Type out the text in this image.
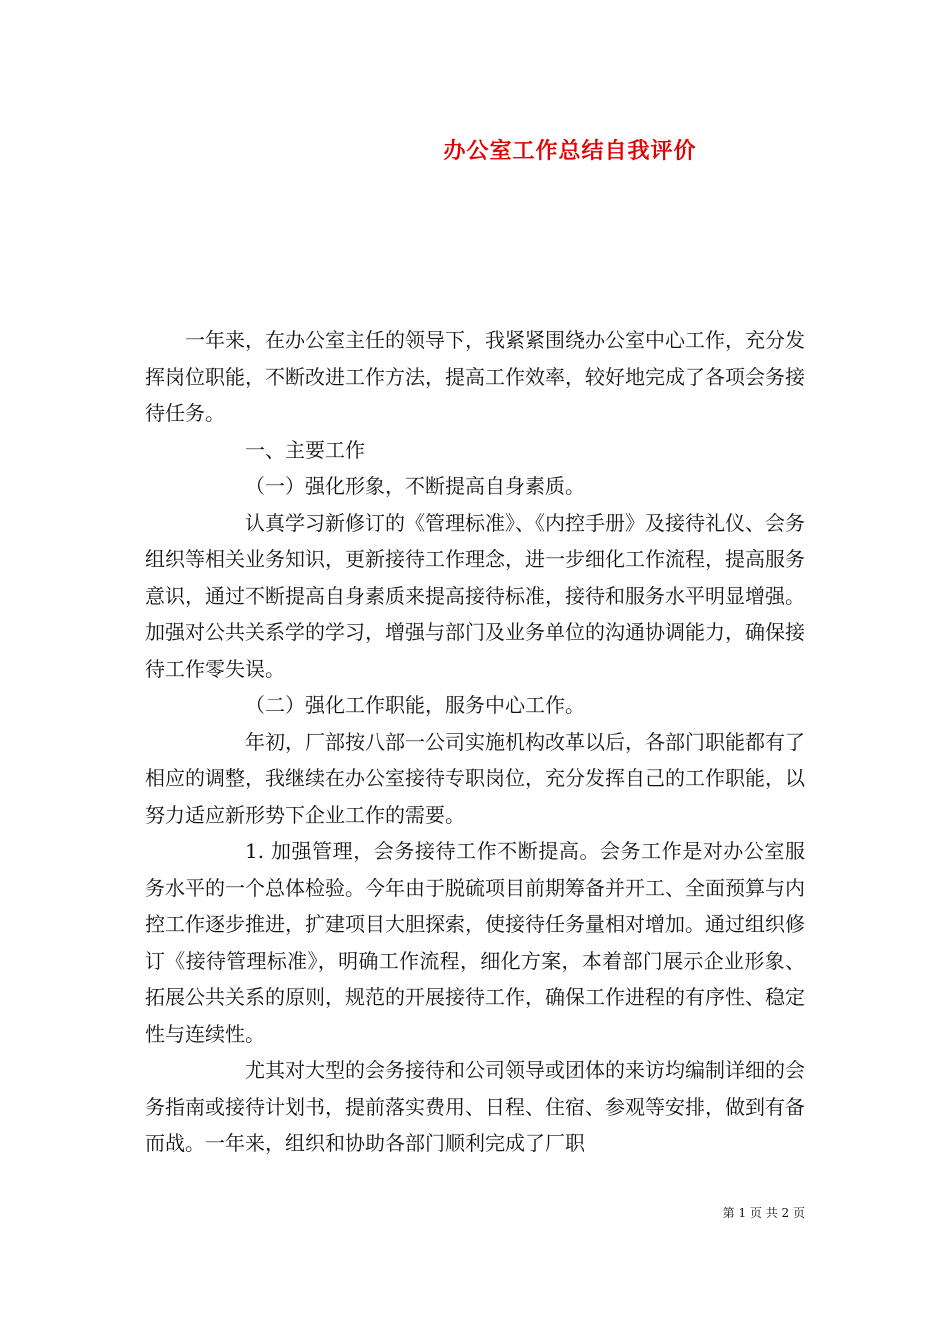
办公室工作总结自我评价

一年来，在办公室主任的领导下，我紧紧围绕办公室中心工作，充分发挥岗位职能，不断改进工作方法，提高工作效率，较好地完成了各项会务接待任务。

一、主要工作

（一）强化形象，不断提高自身素质。

认真学习新修订的《管理标准》、《内控手册》及接待礼仪、会务组织等相关业务知识，更新接待工作理念，进一步细化工作流程，提高服务意识，通过不断提高自身素质来提高接待标准，接待和服务水平明显增强。加强对公共关系学的学习，增强与部门及业务单位的沟通协调能力，确保接待工作零失误。

（二）强化工作职能，服务中心工作。

年初，厂部按八部一公司实施机构改革以后，各部门职能都有了相应的调整，我继续在办公室接待专职岗位，充分发挥自己的工作职能，以努力适应新形势下企业工作的需要。

1. 加强管理，会务接待工作不断提高。会务工作是对办公室服务水平的一个总体检验。今年由于脱硫项目前期筹备并开工、全面预算与内控工作逐步推进，扩建项目大胆探索，使接待任务量相对增加。通过组织修订《接待管理标准》，明确工作流程，细化方案，本着部门展示企业形象、拓展公共关系的原则，规范的开展接待工作，确保工作进程的有序性、稳定性与连续性。

尤其对大型的会务接待和公司领导或团体的来访均编制详细的会务指南或接待计划书，提前落实费用、日程、住宿、参观等安排，做到有备而战。一年来，组织和协助各部门顺利完成了厂职

第 1 页 共 2 页
